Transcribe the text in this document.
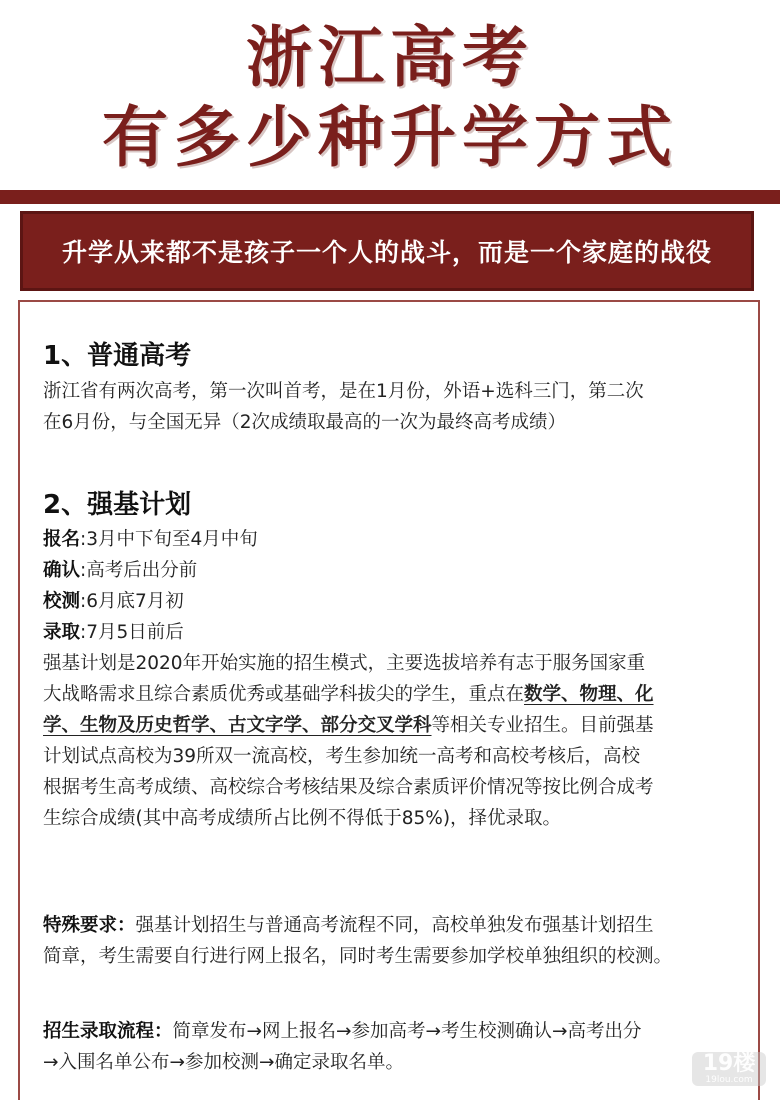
浙江高考
有多少种升学方式
升学从来都不是孩子一个人的战斗，而是一个家庭的战役
1、普通高考
浙江省有两次高考，第一次叫首考，是在1月份，外语+选科三门，第二次
在6月份，与全国无异（2次成绩取最高的一次为最终高考成绩）
2、强基计划
报名:3月中下旬至4月中旬
确认:高考后出分前
校测:6月底7月初
录取:7月5日前后
强基计划是2020年开始实施的招生模式，主要选拔培养有志于服务国家重
大战略需求且综合素质优秀或基础学科拔尖的学生，重点在数学、物理、化
学、生物及历史哲学、古文字学、部分交叉学科等相关专业招生。目前强基
计划试点高校为39所双一流高校，考生参加统一高考和高校考核后，高校
根据考生高考成绩、高校综合考核结果及综合素质评价情况等按比例合成考
生综合成绩(其中高考成绩所占比例不得低于85%)，择优录取。
特殊要求：强基计划招生与普通高考流程不同，高校单独发布强基计划招生
简章，考生需要自行进行网上报名，同时考生需要参加学校单独组织的校测。
招生录取流程：简章发布→网上报名→参加高考→考生校测确认→高考出分
→入围名单公布→参加校测→确定录取名单。	19楼
19lou.com
